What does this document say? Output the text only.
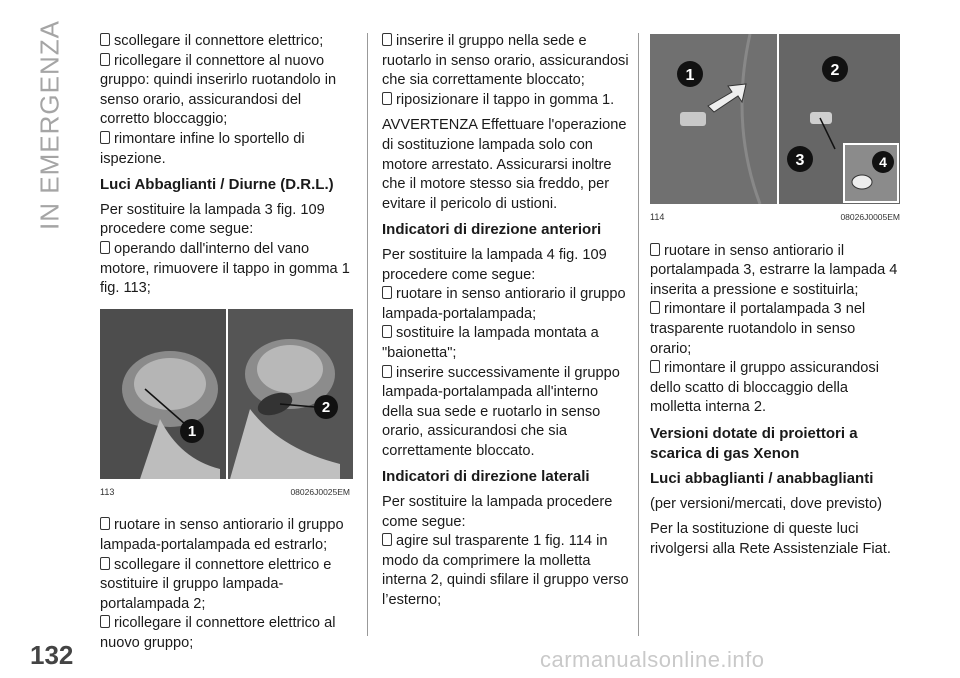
IN EMERGENZA	scollegare il connettore elettrico;
ricollegare il connettore al nuovo gruppo: quindi inserirlo ruotandolo in senso orario, assicurandosi del corretto bloccaggio;
rimontare infine lo sportello di ispezione.
Luci Abbaglianti / Diurne (D.R.L.)
Per sostituire la lampada 3 fig. 109 procedere come segue:
operando dall'interno del vano motore, rimuovere il tappo in gomma 1 fig. 113;
1
2
113	08026J0025EM
ruotare in senso antiorario il gruppo lampada-portalampada ed estrarlo;
scollegare il connettore elettrico e sostituire il gruppo lampada-portalampada 2;
ricollegare il connettore elettrico al nuovo gruppo;
inserire il gruppo nella sede e ruotarlo in senso orario, assicurandosi che sia correttamente bloccato;
riposizionare il tappo in gomma 1.
AVVERTENZA Effettuare l'operazione di sostituzione lampada solo con motore arrestato. Assicurarsi inoltre che il motore stesso sia freddo, per evitare il pericolo di ustioni.
Indicatori di direzione anteriori
Per sostituire la lampada 4 fig. 109 procedere come segue:
ruotare in senso antiorario il gruppo lampada-portalampada;
sostituire la lampada montata a "baionetta";
inserire successivamente il gruppo lampada-portalampada all'interno della sua sede e ruotarlo in senso orario, assicurandosi che sia correttamente bloccato.
Indicatori di direzione laterali
Per sostituire la lampada procedere come segue:
agire sul trasparente 1 fig. 114 in modo da comprimere la molletta interna 2, quindi sfilare il gruppo verso l’esterno;
1	2
3	4
114	08026J0005EM
ruotare in senso antiorario il portalampada 3, estrarre la lampada 4 inserita a pressione e sostituirla;
rimontare il portalampada 3 nel trasparente ruotandolo in senso orario;
rimontare il gruppo assicurandosi dello scatto di bloccaggio della molletta interna 2.
Versioni dotate di proiettori a scarica di gas Xenon
Luci abbaglianti / anabbaglianti
(per versioni/mercati, dove previsto)
Per la sostituzione di queste luci rivolgersi alla Rete Assistenziale Fiat.
132	carmanualsonline.info
